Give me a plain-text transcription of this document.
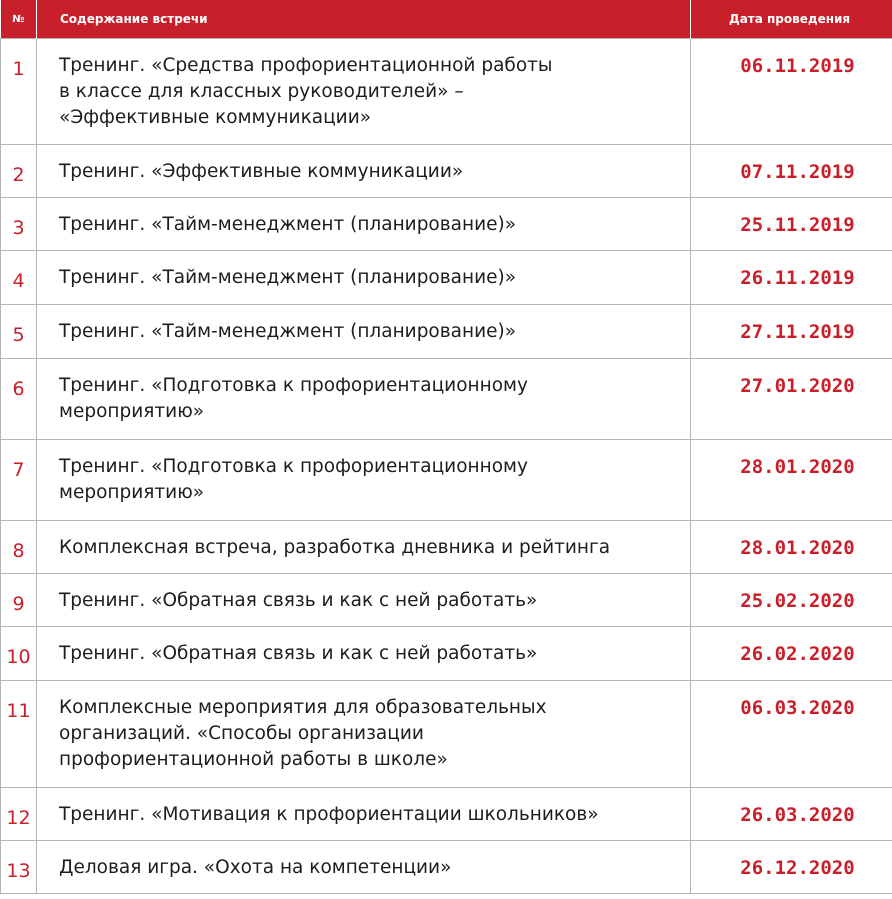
№	Содержание встречи	Дата проведения
1	Тренинг. «Средства профориентационной работы
в классе для классных руководителей» –
«Эффективные коммуникации»	06.11.2019
2	Тренинг. «Эффективные коммуникации»	07.11.2019
3	Тренинг. «Тайм-менеджмент (планирование)»	25.11.2019
4	Тренинг. «Тайм-менеджмент (планирование)»	26.11.2019
5	Тренинг. «Тайм-менеджмент (планирование)»	27.11.2019
6	Тренинг. «Подготовка к профориентационному
мероприятию»	27.01.2020
7	Тренинг. «Подготовка к профориентационному
мероприятию»	28.01.2020
8	Комплексная встреча, разработка дневника и рейтинга	28.01.2020
9	Тренинг. «Обратная связь и как с ней работать»	25.02.2020
10	Тренинг. «Обратная связь и как с ней работать»	26.02.2020
11	Комплексные мероприятия для образовательных
организаций. «Способы организации
профориентационной работы в школе»	06.03.2020
12	Тренинг. «Мотивация к профориентации школьников»	26.03.2020
13	Деловая игра. «Охота на компетенции»	26.12.2020
